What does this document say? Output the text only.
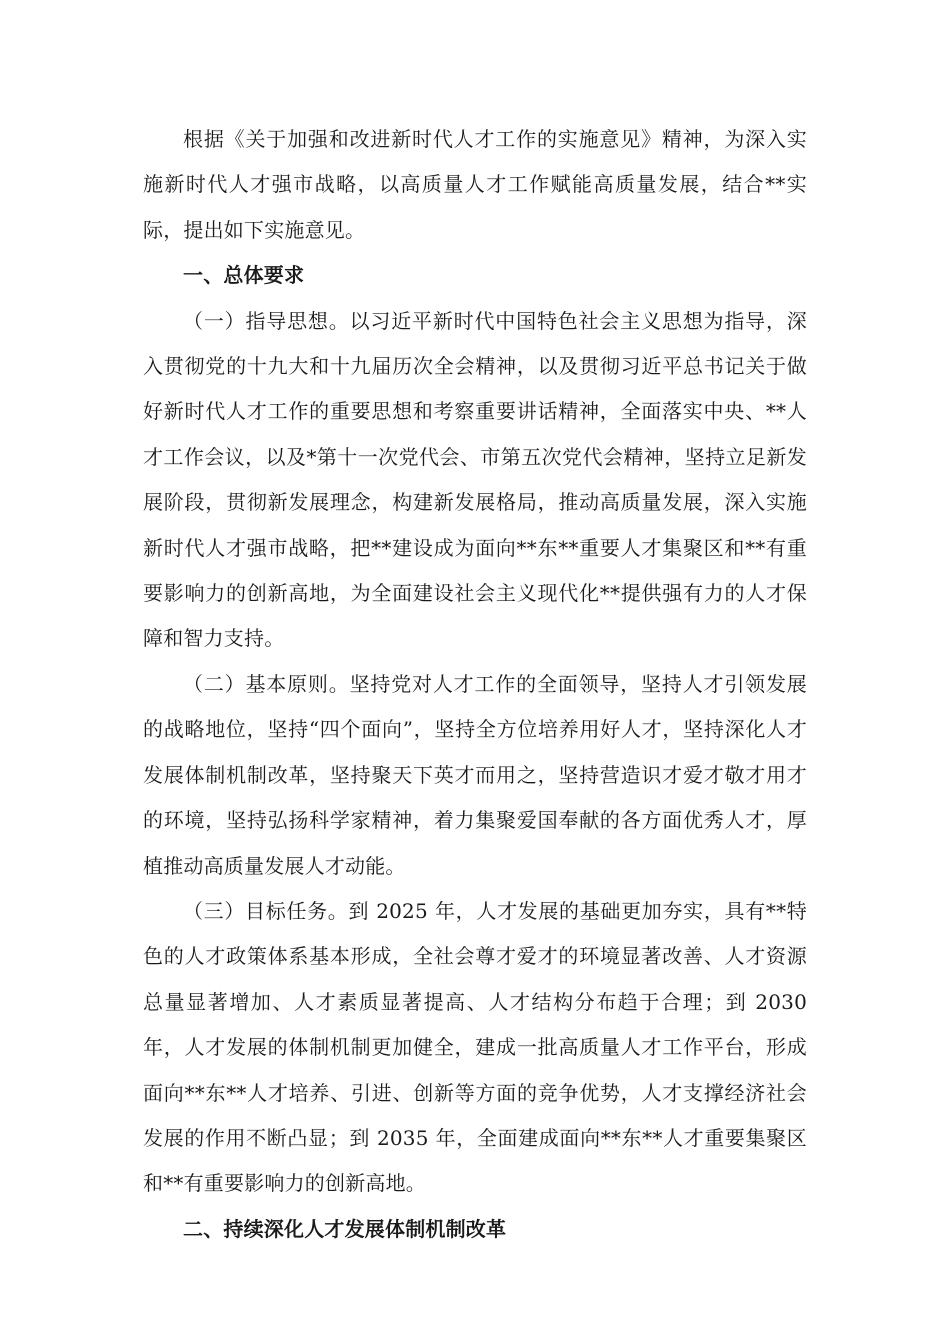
根据《关于加强和改进新时代人才工作的实施意见》精神，为深入实施新时代人才强市战略，以高质量人才工作赋能高质量发展，结合**实际，提出如下实施意见。

一、总体要求

（一）指导思想。以习近平新时代中国特色社会主义思想为指导，深入贯彻党的十九大和十九届历次全会精神，以及贯彻习近平总书记关于做好新时代人才工作的重要思想和考察重要讲话精神，全面落实中央、**人才工作会议，以及*第十一次党代会、市第五次党代会精神，坚持立足新发展阶段，贯彻新发展理念，构建新发展格局，推动高质量发展，深入实施新时代人才强市战略，把**建设成为面向**东**重要人才集聚区和**有重要影响力的创新高地，为全面建设社会主义现代化**提供强有力的人才保障和智力支持。

（二）基本原则。坚持党对人才工作的全面领导，坚持人才引领发展的战略地位，坚持“四个面向”，坚持全方位培养用好人才，坚持深化人才发展体制机制改革，坚持聚天下英才而用之，坚持营造识才爱才敬才用才的环境，坚持弘扬科学家精神，着力集聚爱国奉献的各方面优秀人才，厚植推动高质量发展人才动能。

（三）目标任务。到 2025 年，人才发展的基础更加夯实，具有**特色的人才政策体系基本形成，全社会尊才爱才的环境显著改善、人才资源总量显著增加、人才素质显著提高、人才结构分布趋于合理；到 2030 年，人才发展的体制机制更加健全，建成一批高质量人才工作平台，形成面向**东**人才培养、引进、创新等方面的竞争优势，人才支撑经济社会发展的作用不断凸显；到 2035 年，全面建成面向**东**人才重要集聚区和**有重要影响力的创新高地。

二、持续深化人才发展体制机制改革
